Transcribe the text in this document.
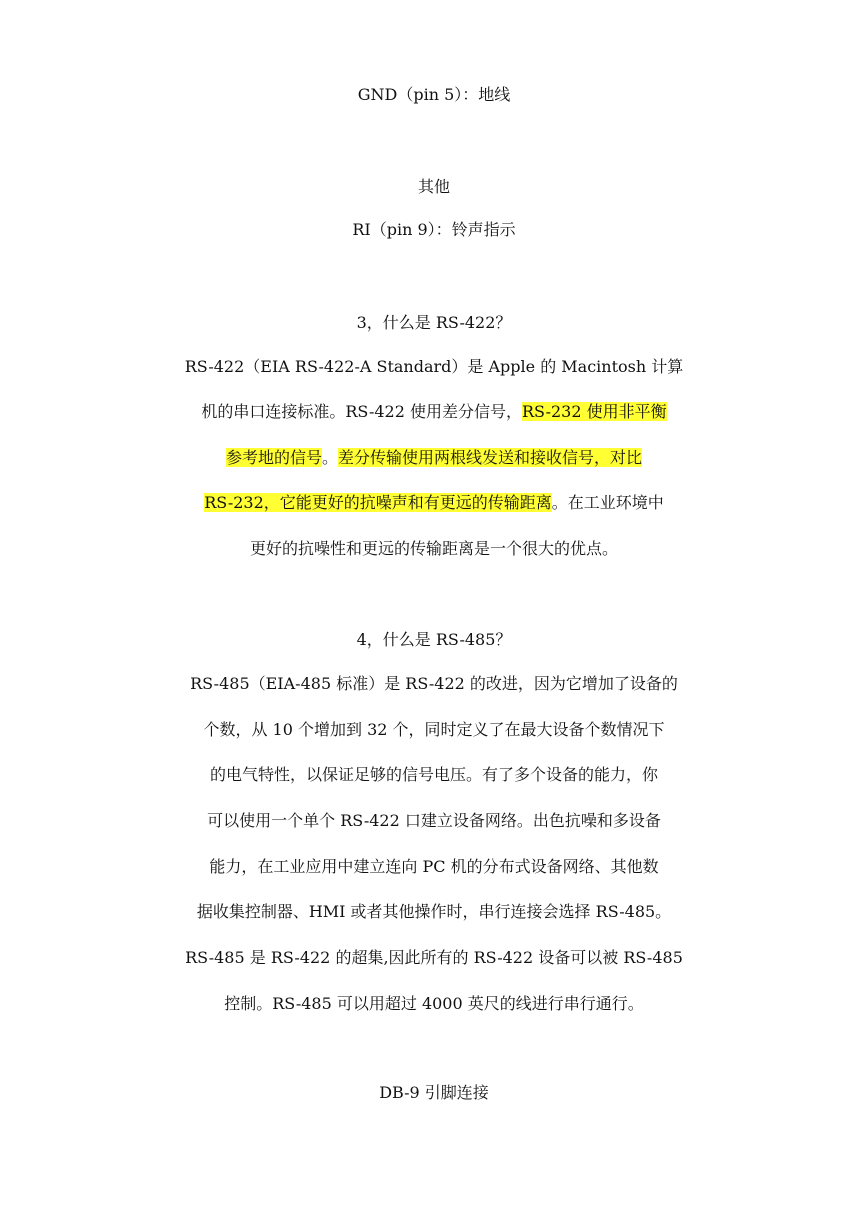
GND（pin 5）：地线
其他
RI（pin 9）：铃声指示
3，什么是 RS-422？
RS-422（EIA RS-422-A Standard）是 Apple 的 Macintosh 计算
机的串口连接标准。RS-422 使用差分信号，RS-232 使用非平衡
参考地的信号。差分传输使用两根线发送和接收信号，对比
RS-232，它能更好的抗噪声和有更远的传输距离。在工业环境中
更好的抗噪性和更远的传输距离是一个很大的优点。
4，什么是 RS-485？
RS-485（EIA-485 标准）是 RS-422 的改进，因为它增加了设备的
个数，从 10 个增加到 32 个，同时定义了在最大设备个数情况下
的电气特性，以保证足够的信号电压。有了多个设备的能力，你
可以使用一个单个 RS-422 口建立设备网络。出色抗噪和多设备
能力，在工业应用中建立连向 PC 机的分布式设备网络、其他数
据收集控制器、HMI 或者其他操作时，串行连接会选择 RS-485。
RS-485 是 RS-422 的超集,因此所有的 RS-422 设备可以被 RS-485
控制。RS-485 可以用超过 4000 英尺的线进行串行通行。
DB-9 引脚连接
